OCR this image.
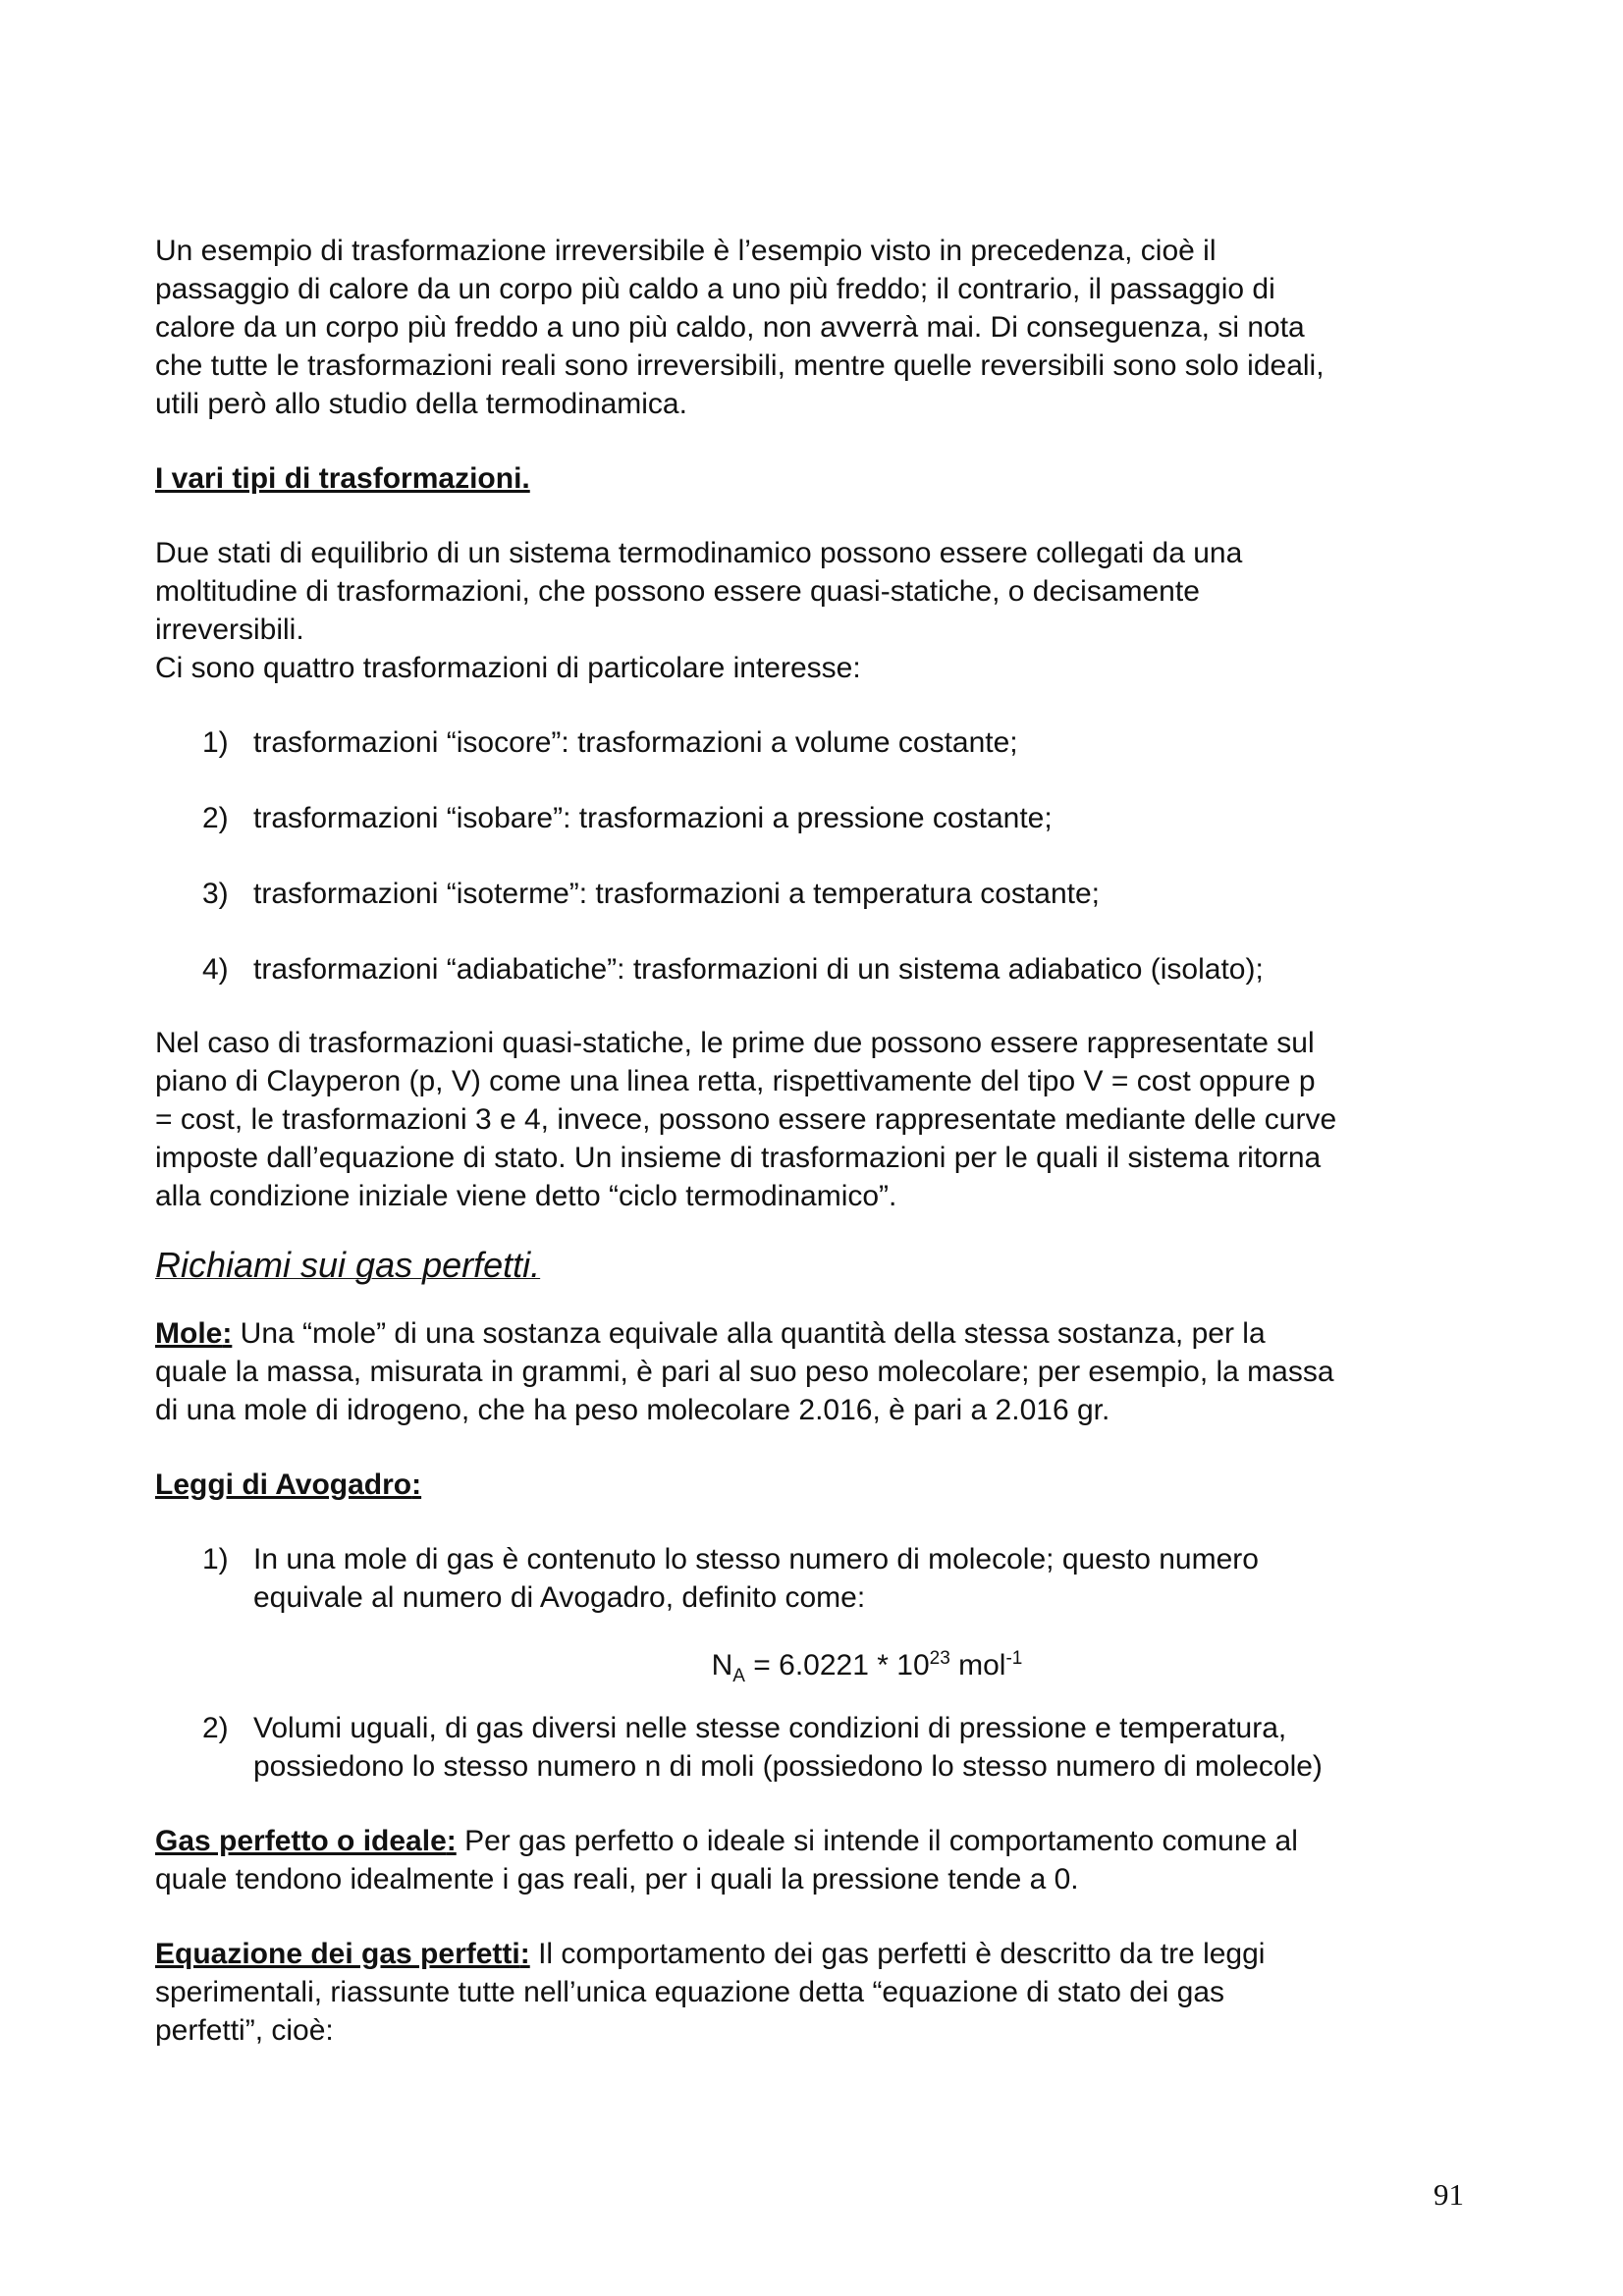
Un esempio di trasformazione irreversibile è l’esempio visto in precedenza, cioè il

passaggio di calore da un corpo più caldo a uno più freddo; il contrario, il passaggio di

calore da un corpo più freddo a uno più caldo, non avverrà mai. Di conseguenza, si nota

che tutte le trasformazioni reali sono irreversibili, mentre quelle reversibili sono solo ideali,

utili però allo studio della termodinamica.

I vari tipi di trasformazioni.

Due stati di equilibrio di un sistema termodinamico possono essere collegati da una

moltitudine di trasformazioni, che possono essere quasi-statiche, o decisamente

irreversibili.

Ci sono quattro trasformazioni di particolare interesse:

1) trasformazioni “isocore”: trasformazioni a volume costante;
2) trasformazioni “isobare”: trasformazioni a pressione costante;
3) trasformazioni “isoterme”: trasformazioni a temperatura costante;
4) trasformazioni “adiabatiche”: trasformazioni di un sistema adiabatico (isolato);

Nel caso di trasformazioni quasi-statiche, le prime due possono essere rappresentate sul

piano di Clayperon (p, V) come una linea retta, rispettivamente del tipo V = cost oppure p

= cost, le trasformazioni 3 e 4, invece, possono essere rappresentate mediante delle curve

imposte dall’equazione di stato. Un insieme di trasformazioni per le quali il sistema ritorna

alla condizione iniziale viene detto “ciclo termodinamico”.

Richiami sui gas perfetti.

Mole: Una “mole” di una sostanza equivale alla quantità della stessa sostanza, per la

quale la massa, misurata in grammi, è pari al suo peso molecolare; per esempio, la massa

di una mole di idrogeno, che ha peso molecolare 2.016, è pari a 2.016 gr.

Leggi di Avogadro:

1) In una mole di gas è contenuto lo stesso numero di molecole; questo numero
equivale al numero di Avogadro, definito come:

$N_A = 6.0221 * 10^{23}$ mol$^{-1}$

2) Volumi uguali, di gas diversi nelle stesse condizioni di pressione e temperatura,
possiedono lo stesso numero n di moli (possiedono lo stesso numero di molecole)

Gas perfetto o ideale: Per gas perfetto o ideale si intende il comportamento comune al

quale tendono idealmente i gas reali, per i quali la pressione tende a 0.

Equazione dei gas perfetti: Il comportamento dei gas perfetti è descritto da tre leggi

sperimentali, riassunte tutte nell’unica equazione detta “equazione di stato dei gas

perfetti”, cioè:

91
